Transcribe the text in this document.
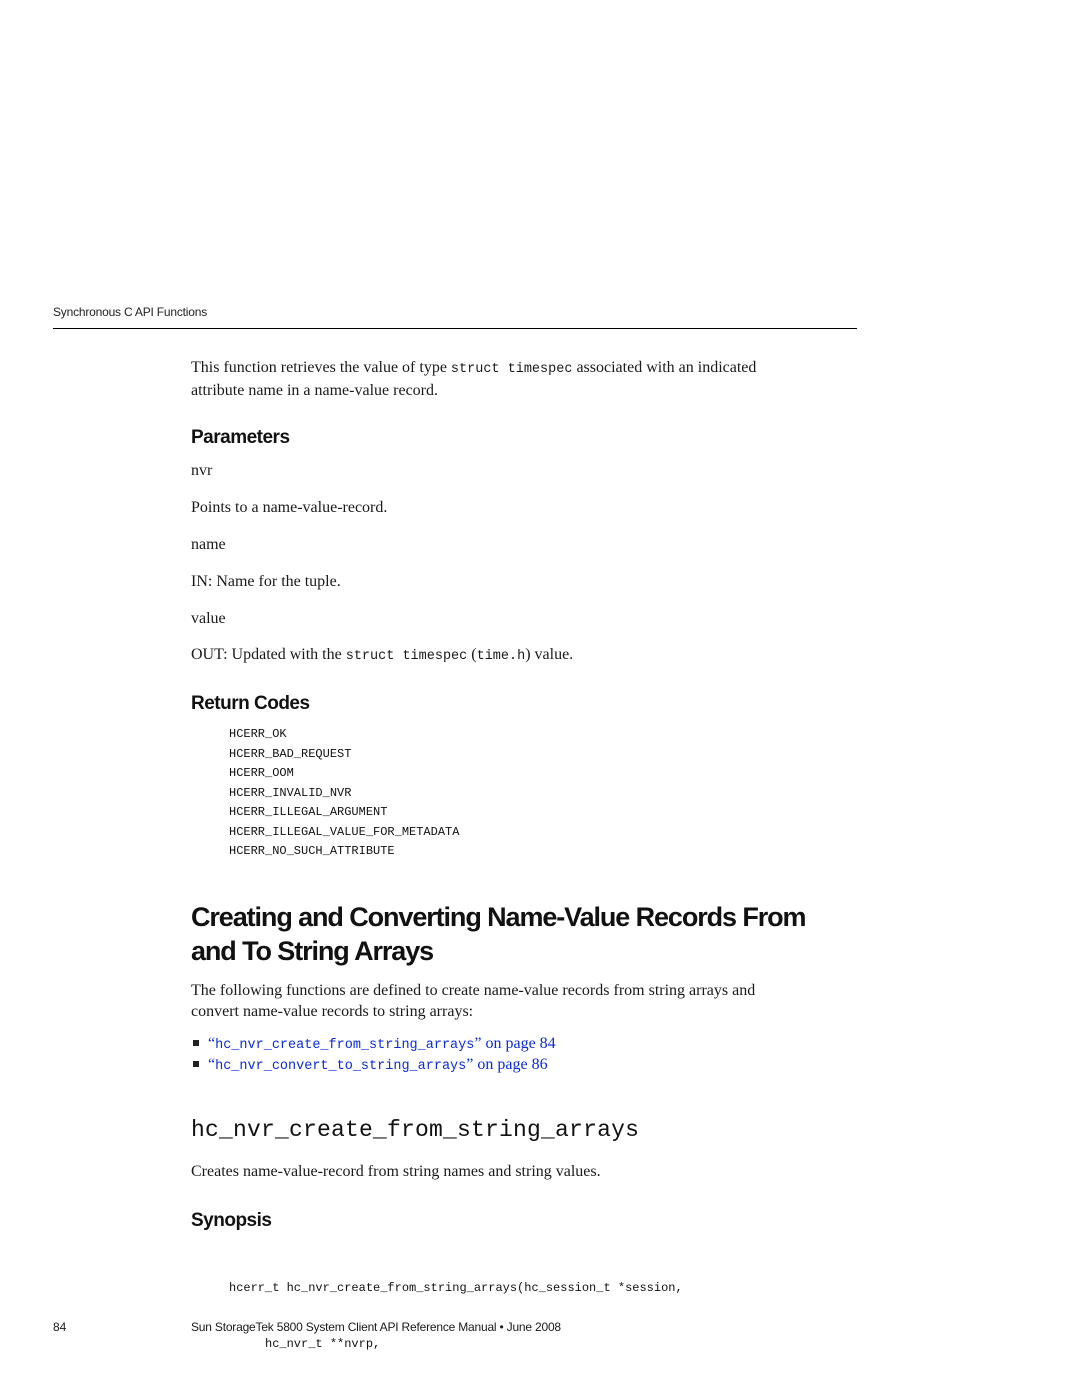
Synchronous C API Functions
This function retrieves the value of type struct timespec associated with an indicated
attribute name in a name-value record.
Parameters
nvr
Points to a name-value-record.
name
IN: Name for the tuple.
value
OUT: Updated with the struct timespec (time.h) value.
Return Codes
HCERR_OK
HCERR_BAD_REQUEST
HCERR_OOM
HCERR_INVALID_NVR
HCERR_ILLEGAL_ARGUMENT
HCERR_ILLEGAL_VALUE_FOR_METADATA
HCERR_NO_SUCH_ATTRIBUTE
Creating and Converting Name-Value Records From
and To String Arrays
The following functions are defined to create name-value records from string arrays and
convert name-value records to string arrays:
“hc_nvr_create_from_string_arrays” on page 84
“hc_nvr_convert_to_string_arrays” on page 86
hc_nvr_create_from_string_arrays
Creates name-value-record from string names and string values.
Synopsis

hcerr_t hc_nvr_create_from_string_arrays(hc_session_t *session,

hc_nvr_t **nvrp,

84	Sun StorageTek 5800 System Client API Reference Manual • June 2008
